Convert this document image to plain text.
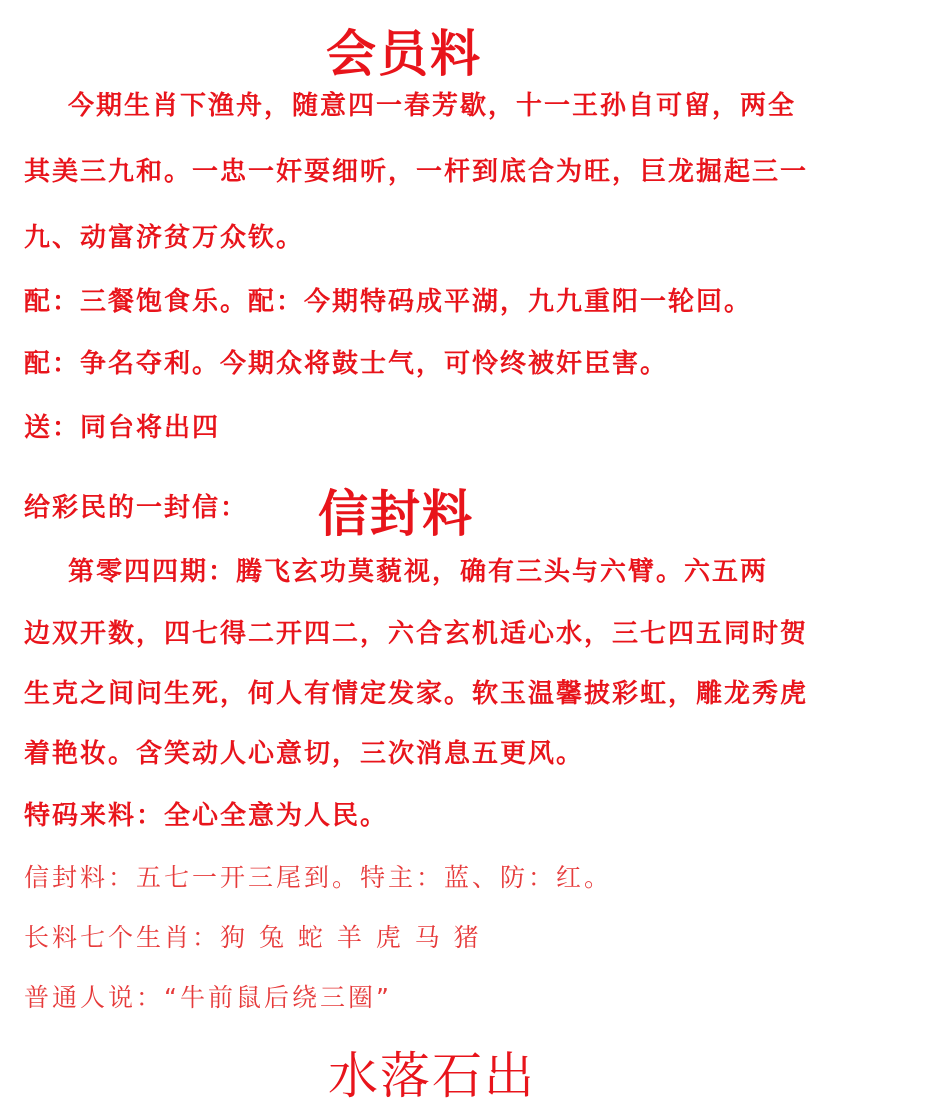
会员料
今期生肖下渔舟，随意四一春芳歇，十一王孙自可留，两全
其美三九和。一忠一奸耍细听，一杆到底合为旺，巨龙掘起三一
九、动富济贫万众钦。
配：三餐饱食乐。配：今期特码成平湖，九九重阳一轮回。
配：争名夺利。今期众将鼓士气，可怜终被奸臣害。
送：同台将出四
给彩民的一封信： 信封料
第零四四期：腾飞玄功莫藐视，确有三头与六臂。六五两
边双开数，四七得二开四二，六合玄机适心水，三七四五同时贺
生克之间问生死，何人有情定发家。软玉温馨披彩虹，雕龙秀虎
着艳妆。含笑动人心意切，三次消息五更风。
特码来料：全心全意为人民。
信封料：五七一开三尾到。特主：蓝、防：红。
长料七个生肖：狗 兔 蛇 羊 虎 马 猪
普通人说：“牛前鼠后绕三圈”
水落石出
